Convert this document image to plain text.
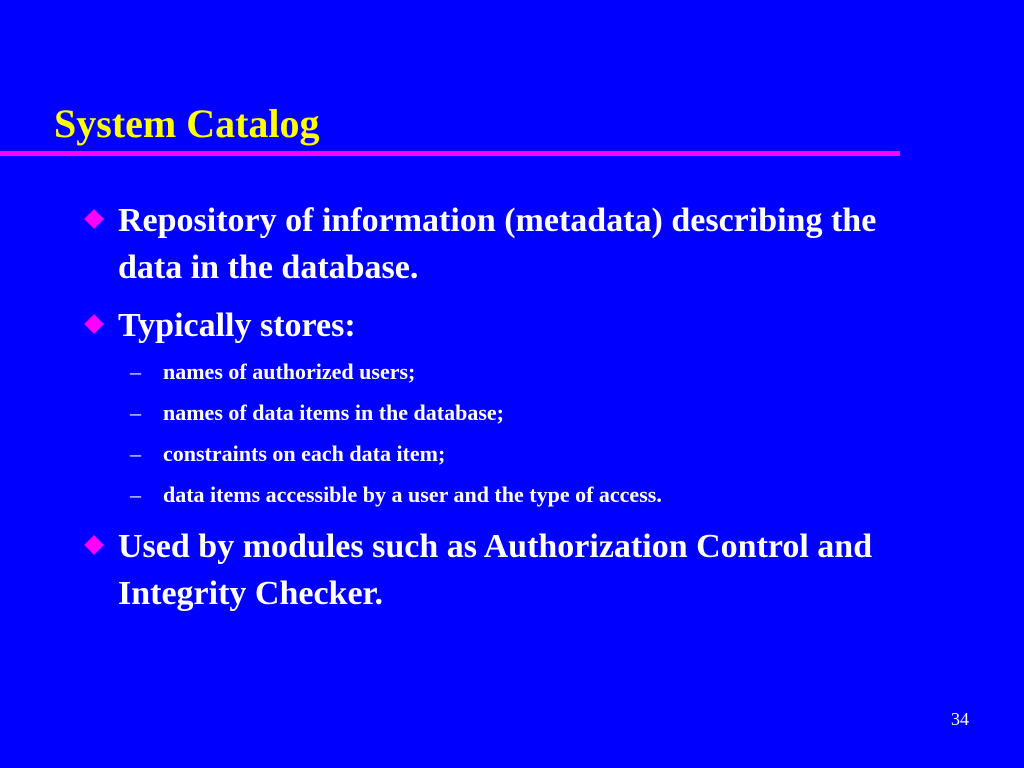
System Catalog
Repository of information (metadata) describing the data in the database.
Typically stores:
– names of authorized users;
– names of data items in the database;
– constraints on each data item;
– data items accessible by a user and the type of access.
Used by modules such as Authorization Control and Integrity Checker.
34
